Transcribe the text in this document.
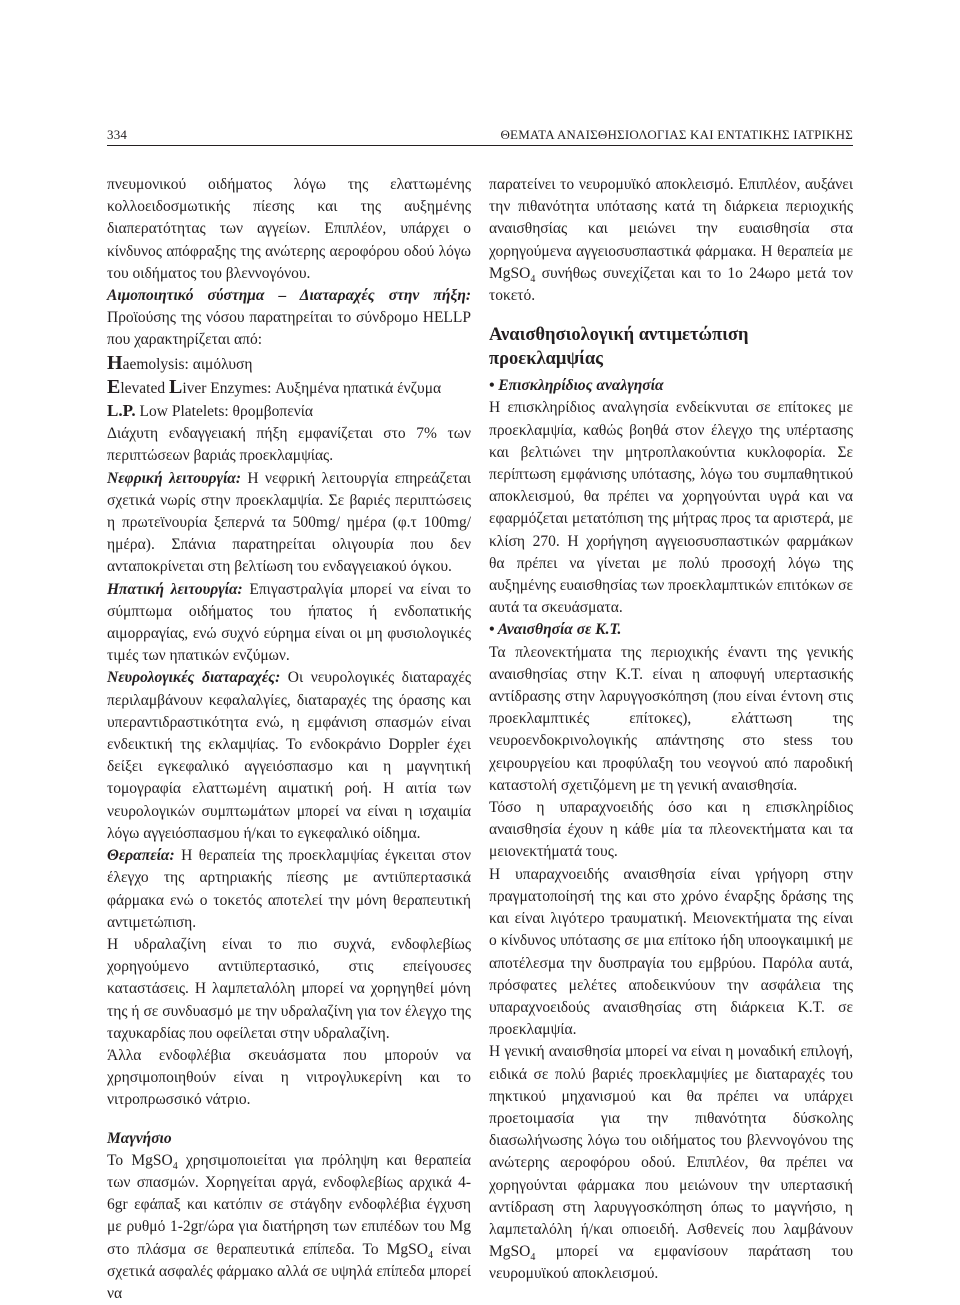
334	ΘΕΜΑΤΑ ΑΝΑΙΣΘΗΣΙΟΛΟΓΙΑΣ ΚΑΙ ΕΝΤΑΤΙΚΗΣ ΙΑΤΡΙΚΗΣ

πνευμονικού οιδήματος λόγω της ελαττωμένης κολλοειδοσμωτικής πίεσης και της αυξημένης διαπερατότητας των αγγείων. Επιπλέον, υπάρχει ο κίνδυνος απόφραξης της ανώτερης αεροφόρου οδού λόγω του οιδήματος του βλεννογόνου.

Αιμοποιητικό σύστημα – Διαταραχές στην πήξη: Προϊούσης της νόσου παρατηρείται το σύνδρομο HELLP που χαρακτηρίζεται από:

Haemolysis: αιμόλυση

Elevated Liver Enzymes: Αυξημένα ηπατικά ένζυμα

L.P. Low Platelets: θρομβοπενία

Διάχυτη ενδαγγειακή πήξη εμφανίζεται στο 7% των περιπτώσεων βαριάς προεκλαμψίας.

Νεφρική λειτουργία: Η νεφρική λειτουργία επηρεάζεται σχετικά νωρίς στην προεκλαμψία. Σε βαριές περιπτώσεις η πρωτεϊνουρία ξεπερνά τα 500mg/ ημέρα (φ.τ 100mg/ ημέρα). Σπάνια παρατηρείται ολιγουρία που δεν ανταποκρίνεται στη βελτίωση του ενδαγγειακού όγκου.

Ηπατική λειτουργία: Επιγαστραλγία μπορεί να είναι το σύμπτωμα οιδήματος του ήπατος ή ενδοπατικής αιμορραγίας, ενώ συχνό εύρημα είναι οι μη φυσιολογικές τιμές των ηπατικών ενζύμων.

Νευρολογικές διαταραχές: Οι νευρολογικές διαταραχές περιλαμβάνουν κεφαλαλγίες, διαταραχές της όρασης και υπεραντιδραστικότητα ενώ, η εμφάνιση σπασμών είναι ενδεικτική της εκλαμψίας. Το ενδοκράνιο Doppler έχει δείξει εγκεφαλικό αγγειόσπασμο και η μαγνητική τομογραφία ελαττωμένη αιματική ροή. Η αιτία των νευρολογικών συμπτωμάτων μπορεί να είναι η ισχαιμία λόγω αγγειόσπασμου ή/και το εγκεφαλικό οίδημα.

Θεραπεία: Η θεραπεία της προεκλαμψίας έγκειται στον έλεγχο της αρτηριακής πίεσης με αντιϋπερτασικά φάρμακα ενώ ο τοκετός αποτελεί την μόνη θεραπευτική αντιμετώπιση.

Η υδραλαζίνη είναι το πιο συχνά, ενδοφλεβίως χορηγούμενο αντιϋπερτασικό, στις επείγουσες καταστάσεις. Η λαμπεταλόλη μπορεί να χορηγηθεί μόνη της ή σε συνδυασμό με την υδραλαζίνη για τον έλεγχο της ταχυκαρδίας που οφείλεται στην υδραλαζίνη.

Άλλα ενδοφλέβια σκευάσματα που μπορούν να χρησιμοποιηθούν είναι η νιτρογλυκερίνη και το νιτροπρωσσικό νάτριο.

Μαγνήσιο

Το MgSO$_4$ χρησιμοποιείται για πρόληψη και θεραπεία των σπασμών. Χορηγείται αργά, ενδοφλεβίως αρχικά 4-6gr εφάπαξ και κατόπιν σε στάγδην ενδοφλέβια έγχυση με ρυθμό 1-2gr/ώρα για διατήρηση των επιπέδων του Mg στο πλάσμα σε θεραπευτικά επίπεδα. Το MgSO$_4$ είναι σχετικά ασφαλές φάρμακο αλλά σε υψηλά επίπεδα μπορεί να

παρατείνει το νευρομυϊκό αποκλεισμό. Επιπλέον, αυξάνει την πιθανότητα υπότασης κατά τη διάρκεια περιοχικής αναισθησίας και μειώνει την ευαισθησία στα χορηγούμενα αγγειοσυσπαστικά φάρμακα. Η θεραπεία με MgSO$_4$ συνήθως συνεχίζεται και το 1ο 24ωρο μετά τον τοκετό.

Αναισθησιολογική αντιμετώπιση προεκλαμψίας

• Επισκληρίδιος αναλγησία

Η επισκληρίδιος αναλγησία ενδείκνυται σε επίτοκες με προεκλαμψία, καθώς βοηθά στον έλεγχο της υπέρτασης και βελτιώνει την μητροπλακούντια κυκλοφορία. Σε περίπτωση εμφάνισης υπότασης, λόγω του συμπαθητικού αποκλεισμού, θα πρέπει να χορηγούνται υγρά και να εφαρμόζεται μετατόπιση της μήτρας προς τα αριστερά, με κλίση 270. Η χορήγηση αγγειοσυσπαστικών φαρμάκων θα πρέπει να γίνεται με πολύ προσοχή λόγω της αυξημένης ευαισθησίας των προεκλαμπτικών επιτόκων σε αυτά τα σκευάσματα.

• Αναισθησία σε Κ.Τ.

Τα πλεονεκτήματα της περιοχικής έναντι της γενικής αναισθησίας στην Κ.Τ. είναι η αποφυγή υπερτασικής αντίδρασης στην λαρυγγοσκόπηση (που είναι έντονη στις προεκλαμπτικές επίτοκες), ελάττωση της νευροενδοκρινολογικής απάντησης στο stess του χειρουργείου και προφύλαξη του νεογνού από παροδική καταστολή σχετιζόμενη με τη γενική αναισθησία.

Τόσο η υπαραχνοειδής όσο και η επισκληρίδιος αναισθησία έχουν η κάθε μία τα πλεονεκτήματα και τα μειονεκτήματά τους.

Η υπαραχνοειδής αναισθησία είναι γρήγορη στην πραγματοποίησή της και στο χρόνο έναρξης δράσης της και είναι λιγότερο τραυματική. Μειονεκτήματα της είναι ο κίνδυνος υπότασης σε μια επίτοκο ήδη υποογκαιμική με αποτέλεσμα την δυσπραγία του εμβρύου. Παρόλα αυτά, πρόσφατες μελέτες αποδεικνύουν την ασφάλεια της υπαραχνοειδούς αναισθησίας στη διάρκεια Κ.Τ. σε προεκλαμψία.

Η γενική αναισθησία μπορεί να είναι η μοναδική επιλογή, ειδικά σε πολύ βαριές προεκλαμψίες με διαταραχές του πηκτικού μηχανισμού και θα πρέπει να υπάρχει προετοιμασία για την πιθανότητα δύσκολης διασωλήνωσης λόγω του οιδήματος του βλεννογόνου της ανώτερης αεροφόρου οδού. Επιπλέον, θα πρέπει να χορηγούνται φάρμακα που μειώνουν την υπερτασική αντίδραση στη λαρυγγοσκόπηση όπως το μαγνήσιο, η λαμπεταλόλη ή/και οπιοειδή. Ασθενείς που λαμβάνουν MgSO$_4$ μπορεί να εμφανίσουν παράταση του νευρομυϊκού αποκλεισμού.
